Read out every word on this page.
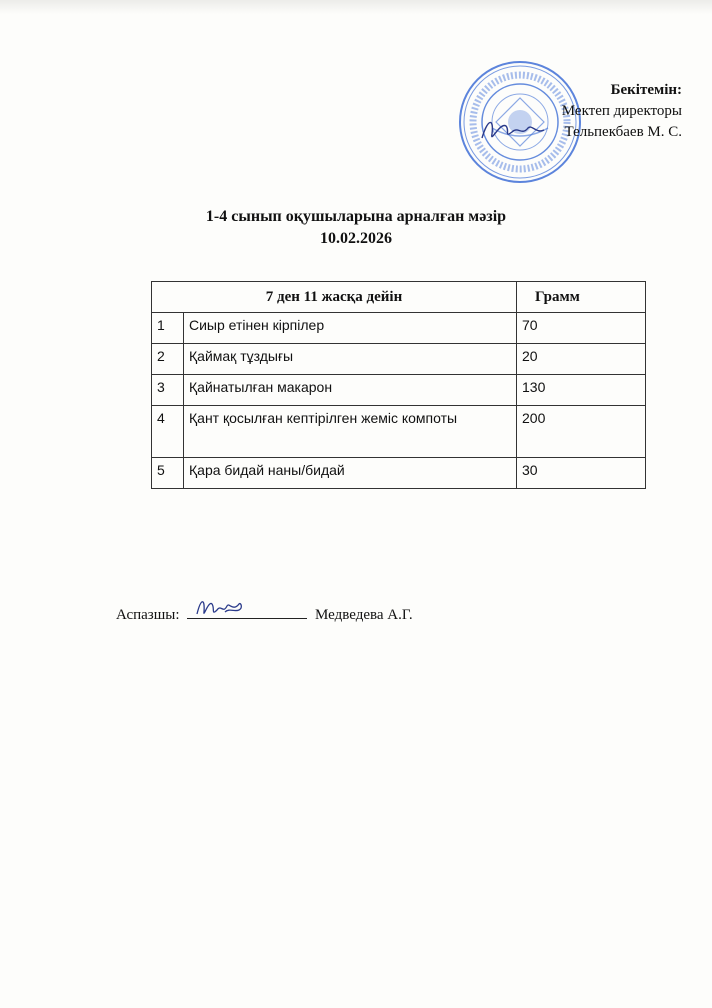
Бекітемін:
Мектеп директоры
Тельпекбаев М. С.
1-4 сынып оқушыларына арналған мәзір
10.02.2026
7 ден 11 жасқа дейін		Грамм
1	Сиыр етінен кірпілер	70
2	Қаймақ тұздығы	20
3	Қайнатылған макарон	130
4	Қант қосылған кептірілген жеміс компоты	200
5	Қара бидай наны/бидай	30
Аспазшы:	Медведева А.Г.
